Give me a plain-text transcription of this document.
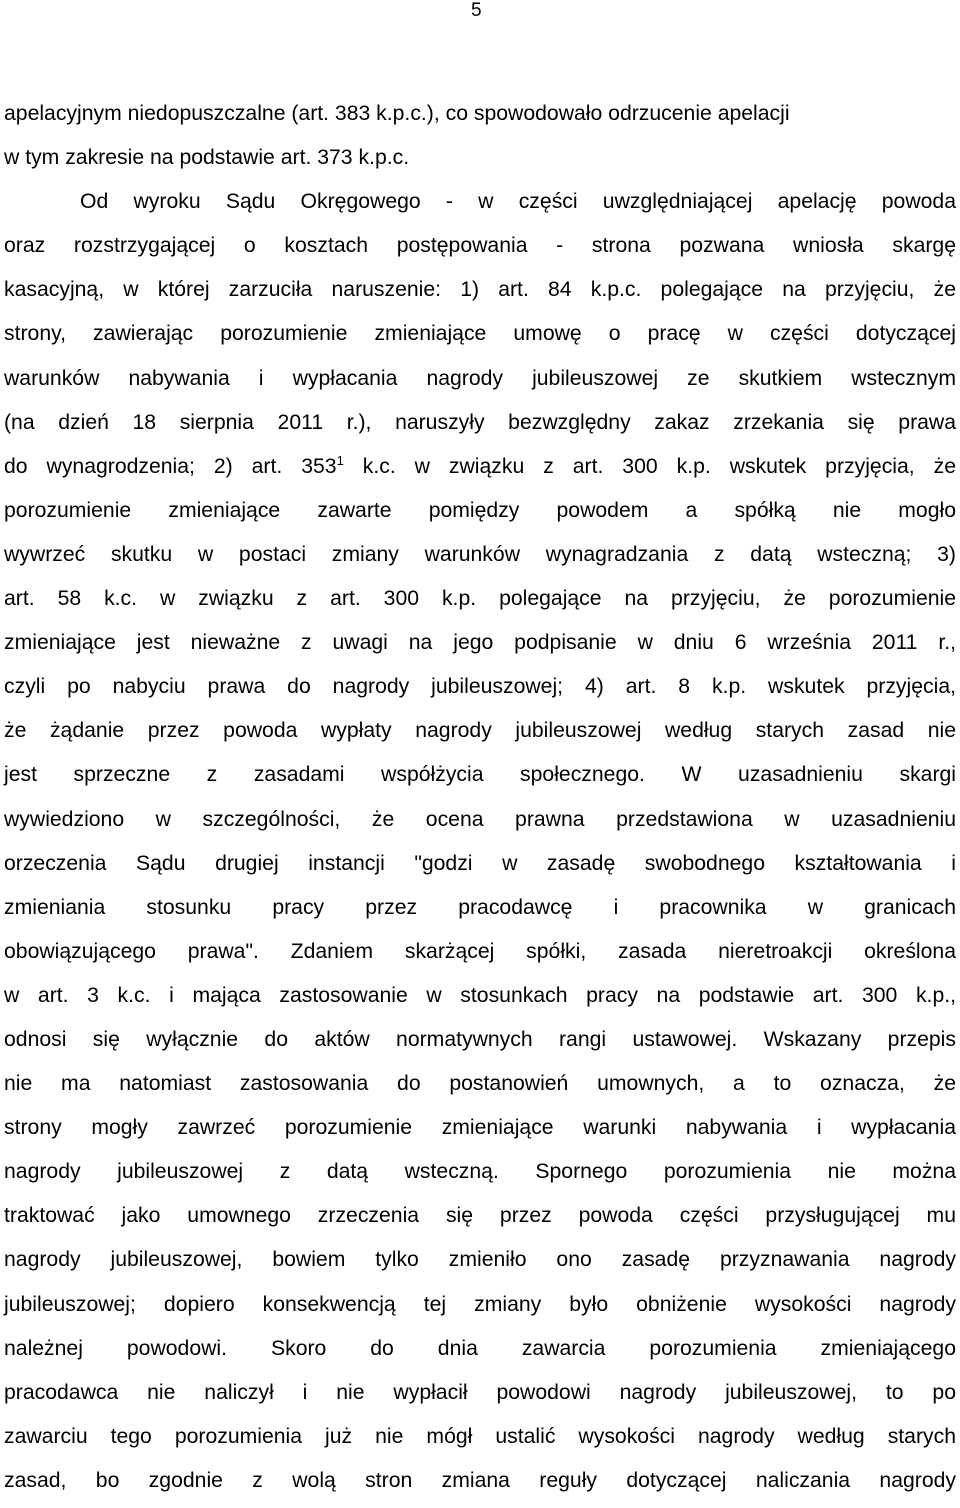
5
apelacyjnym niedopuszczalne (art. 383 k.p.c.), co spowodowało odrzucenie apelacji
w tym zakresie na podstawie art. 373 k.p.c.
Od wyroku Sądu Okręgowego - w części uwzględniającej apelację powoda
oraz rozstrzygającej o kosztach postępowania - strona pozwana wniosła skargę
kasacyjną, w której zarzuciła naruszenie: 1) art. 84 k.p.c. polegające na przyjęciu, że
strony, zawierając porozumienie zmieniające umowę o pracę w części dotyczącej
warunków nabywania i wypłacania nagrody jubileuszowej ze skutkiem wstecznym
(na dzień 18 sierpnia 2011 r.), naruszyły bezwzględny zakaz zrzekania się prawa
do wynagrodzenia; 2) art. $353^1$ k.c. w związku z art. 300 k.p. wskutek przyjęcia, że
porozumienie zmieniające zawarte pomiędzy powodem a spółką nie mogło
wywrzeć skutku w postaci zmiany warunków wynagradzania z datą wsteczną; 3)
art. 58 k.c. w związku z art. 300 k.p. polegające na przyjęciu, że porozumienie
zmieniające jest nieważne z uwagi na jego podpisanie w dniu 6 września 2011 r.,
czyli po nabyciu prawa do nagrody jubileuszowej; 4) art. 8 k.p. wskutek przyjęcia,
że żądanie przez powoda wypłaty nagrody jubileuszowej według starych zasad nie
jest sprzeczne z zasadami współżycia społecznego. W uzasadnieniu skargi
wywiedziono w szczególności, że ocena prawna przedstawiona w uzasadnieniu
orzeczenia Sądu drugiej instancji "godzi w zasadę swobodnego kształtowania i
zmieniania stosunku pracy przez pracodawcę i pracownika w granicach
obowiązującego prawa". Zdaniem skarżącej spółki, zasada nieretroakcji określona
w art. 3 k.c. i mająca zastosowanie w stosunkach pracy na podstawie art. 300 k.p.,
odnosi się wyłącznie do aktów normatywnych rangi ustawowej. Wskazany przepis
nie ma natomiast zastosowania do postanowień umownych, a to oznacza, że
strony mogły zawrzeć porozumienie zmieniające warunki nabywania i wypłacania
nagrody jubileuszowej z datą wsteczną. Spornego porozumienia nie można
traktować jako umownego zrzeczenia się przez powoda części przysługującej mu
nagrody jubileuszowej, bowiem tylko zmieniło ono zasadę przyznawania nagrody
jubileuszowej; dopiero konsekwencją tej zmiany było obniżenie wysokości nagrody
należnej powodowi. Skoro do dnia zawarcia porozumienia zmieniającego
pracodawca nie naliczył i nie wypłacił powodowi nagrody jubileuszowej, to po
zawarciu tego porozumienia już nie mógł ustalić wysokości nagrody według starych
zasad, bo zgodnie z wolą stron zmiana reguły dotyczącej naliczania nagrody
